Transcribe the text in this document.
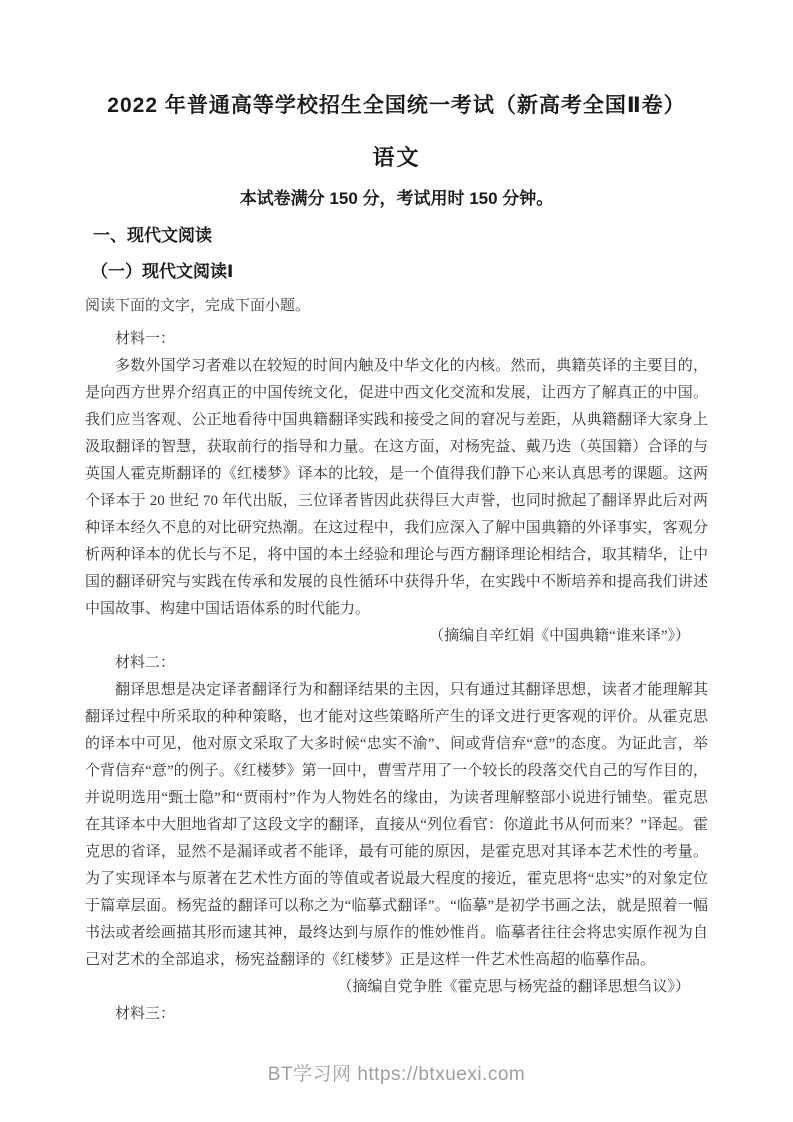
2022 年普通高等学校招生全国统一考试（新高考全国Ⅱ卷）
语文

本试卷满分 150 分，考试用时 150 分钟。

一、现代文阅读
（一）现代文阅读Ⅰ

阅读下面的文字，完成下面小题。

材料一：

多数外国学习者难以在较短的时间内触及中华文化的内核。然而，典籍英译的主要目的，是向西方世界介绍真正的中国传统文化，促进中西文化交流和发展，让西方了解真正的中国。我们应当客观、公正地看待中国典籍翻译实践和接受之间的窘况与差距，从典籍翻译大家身上汲取翻译的智慧，获取前行的指导和力量。在这方面，对杨宪益、戴乃迭（英国籍）合译的与英国人霍克斯翻译的《红楼梦》译本的比较，是一个值得我们静下心来认真思考的课题。这两个译本于 20 世纪 70 年代出版，三位译者皆因此获得巨大声誉，也同时掀起了翻译界此后对两种译本经久不息的对比研究热潮。在这过程中，我们应深入了解中国典籍的外译事实，客观分析两种译本的优长与不足，将中国的本土经验和理论与西方翻译理论相结合，取其精华，让中国的翻译研究与实践在传承和发展的良性循环中获得升华，在实践中不断培养和提高我们讲述中国故事、构建中国话语体系的时代能力。

（摘编自辛红娟《中国典籍“谁来译”》）

材料二：

翻译思想是决定译者翻译行为和翻译结果的主因，只有通过其翻译思想，读者才能理解其翻译过程中所采取的种种策略，也才能对这些策略所产生的译文进行更客观的评价。从霍克思的译本中可见，他对原文采取了大多时候“忠实不渝”、间或背信弃“意”的态度。为证此言，举个背信弃“意”的例子。《红楼梦》第一回中，曹雪芹用了一个较长的段落交代自己的写作目的，并说明选用“甄士隐”和“贾雨村”作为人物姓名的缘由，为读者理解整部小说进行铺垫。霍克思在其译本中大胆地省却了这段文字的翻译，直接从“列位看官：你道此书从何而来？”译起。霍克思的省译，显然不是漏译或者不能译，最有可能的原因，是霍克思对其译本艺术性的考量。为了实现译本与原著在艺术性方面的等值或者说最大程度的接近，霍克思将“忠实”的对象定位于篇章层面。杨宪益的翻译可以称之为“临摹式翻译”。“临摹”是初学书画之法，就是照着一幅书法或者绘画描其形而逮其神，最终达到与原作的惟妙惟肖。临摹者往往会将忠实原作视为自己对艺术的全部追求，杨宪益翻译的《红楼梦》正是这样一件艺术性高超的临摹作品。

（摘编自党争胜《霍克思与杨宪益的翻译思想刍议》）

材料三：

BT学习网 https://btxuexi.com
